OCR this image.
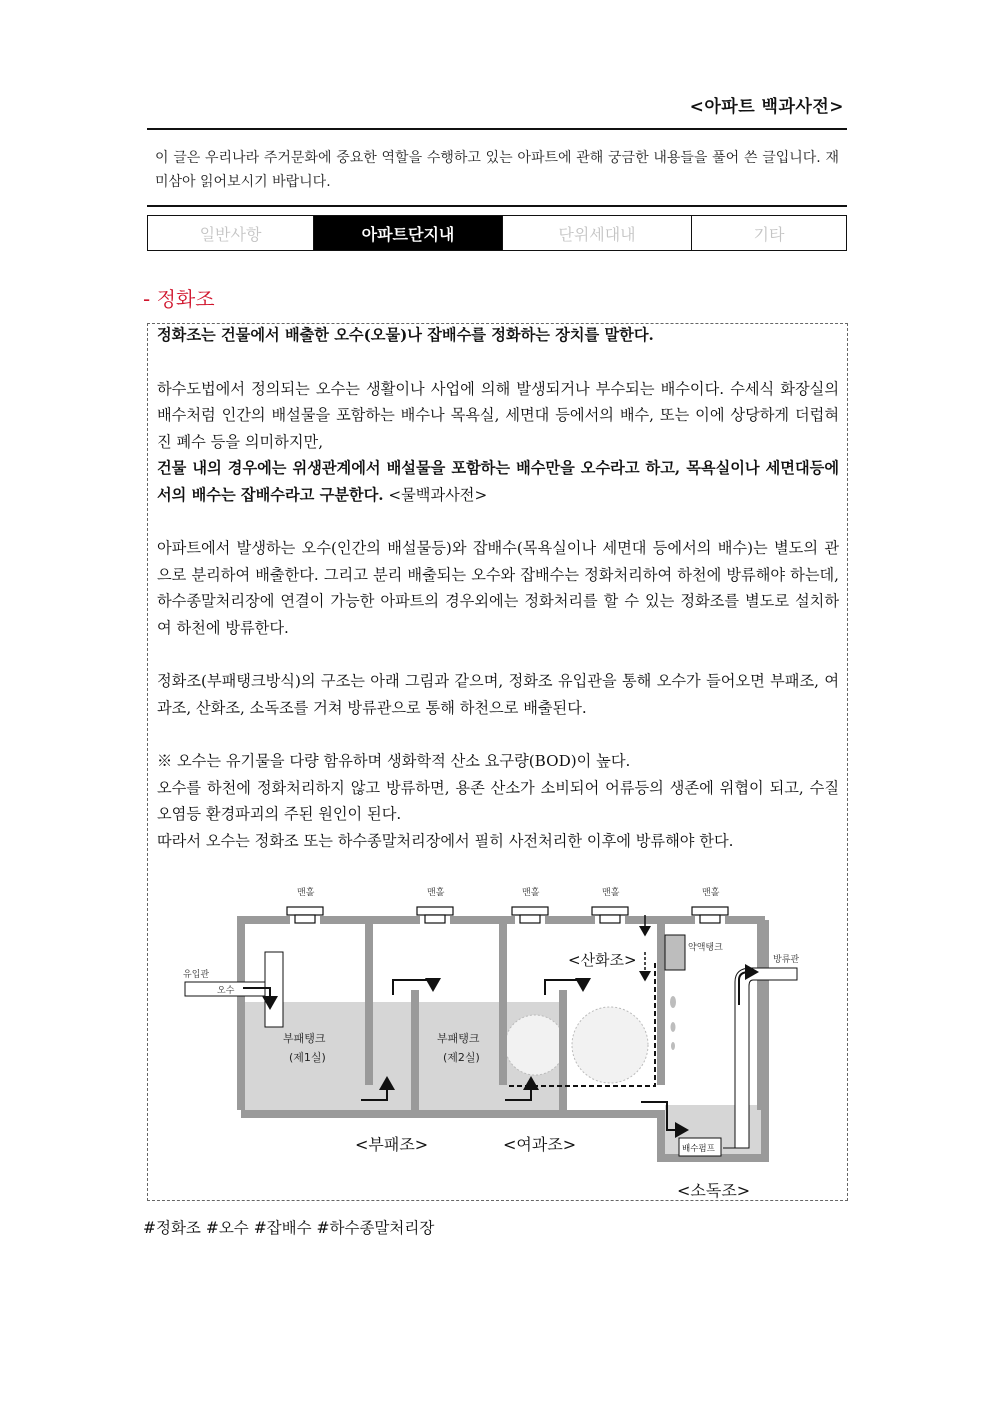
<아파트 백과사전>
이 글은 우리나라 주거문화에 중요한 역할을 수행하고 있는 아파트에 관해 궁금한 내용들을 풀어 쓴 글입니다. 재미삼아 읽어보시기 바랍니다.
일반사항	아파트단지내	단위세대내	기타
- 정화조

정화조는 건물에서 배출한 오수(오물)나 잡배수를 정화하는 장치를 말한다.

하수도법에서 정의되는 오수는 생활이나 사업에 의해 발생되거나 부수되는 배수이다. 수세식 화장실의 배수처럼 인간의 배설물을 포함하는 배수나 목욕실, 세면대 등에서의 배수, 또는 이에 상당하게 더럽혀진 폐수 등을 의미하지만,
건물 내의 경우에는 위생관계에서 배설물을 포함하는 배수만을 오수라고 하고, 목욕실이나 세면대등에서의 배수는 잡배수라고 구분한다. <물백과사전>

아파트에서 발생하는 오수(인간의 배설물등)와 잡배수(목욕실이나 세면대 등에서의 배수)는 별도의 관으로 분리하여 배출한다. 그리고 분리 배출되는 오수와 잡배수는 정화처리하여 하천에 방류해야 하는데, 하수종말처리장에 연결이 가능한 아파트의 경우외에는 정화처리를 할 수 있는 정화조를 별도로 설치하여 하천에 방류한다.

정화조(부패탱크방식)의 구조는 아래 그림과 같으며, 정화조 유입관을 통해 오수가 들어오면 부패조, 여과조, 산화조, 소독조를 거쳐 방류관으로 통해 하천으로 배출된다.

※ 오수는 유기물을 다량 함유하며 생화학적 산소 요구량(BOD)이 높다.

오수를 하천에 정화처리하지 않고 방류하면, 용존 산소가 소비되어 어류등의 생존에 위협이 되고, 수질오염등 환경파괴의 주된 원인이 된다.

따라서 오수는 정화조 또는 하수종말처리장에서 필히 사전처리한 이후에 방류해야 한다.

맨홀	맨홀	맨홀	맨홀	맨홀
유입관
오수
부패탱크
(제1실)
부패탱크
(제2실)
<산화조>
약액탱크
배수펌프
방류관
<부패조>	<여과조>
<소독조>
#정화조 #오수 #잡배수 #하수종말처리장
